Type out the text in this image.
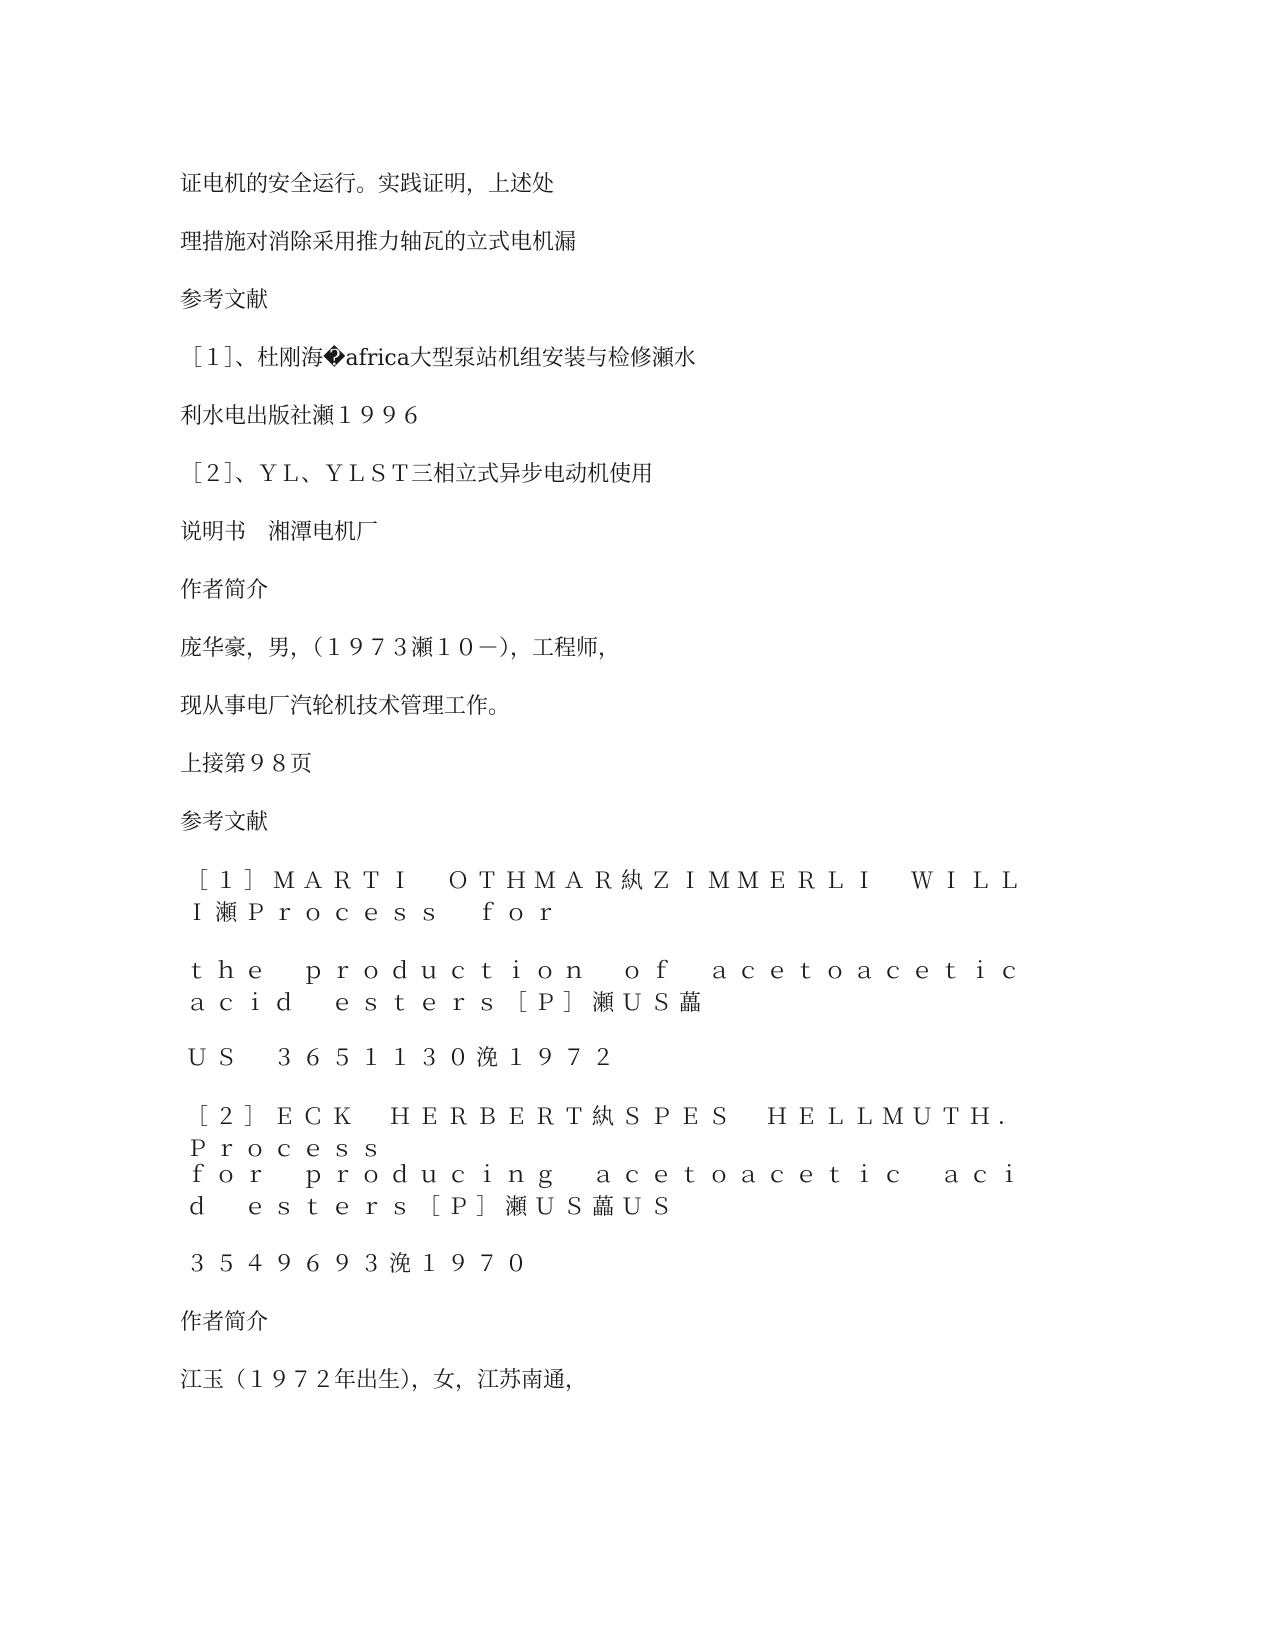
证电机的安全运行。实践证明，上述处

理措施对消除采用推力轴瓦的立式电机漏

参考文献

［１］、杜刚海�africa大型泵站机组安装与检修瀬水

利水电出版社瀬１９９６

［２］、ＹＬ、ＹＬＳＴ三相立式异步电动机使用

说明书　湘潭电机厂

作者简介

庞华豪，男，（１９７３瀬１０－），工程师，

现从事电厂汽轮机技术管理工作。

上接第９８页

参考文献

［１］ＭＡＲＴＩ　ＯＴＨＭＡＲ紈ＺＩＭＭＥＲＬＩ　ＷＩＬＬＩ瀬Ｐｒｏｃｅｓｓ　ｆｏｒ

ｔｈｅ　ｐｒｏｄｕｃｔｉｏｎ　ｏｆ　ａｃｅｔｏａｃｅｔｉｃ　ａｃｉｄ　ｅｓｔｅｒｓ［Ｐ］瀬ＵＳ藟

ＵＳ　３６５１１３０浼１９７２

［２］ＥＣＫ　ＨＥＲＢＥＲＴ紈ＳＰＥＳ　ＨＥＬＬＭＵＴＨ．Ｐｒｏｃｅｓｓ

ｆｏｒ　ｐｒｏｄｕｃｉｎｇ　ａｃｅｔｏａｃｅｔｉｃ　ａｃｉｄ　ｅｓｔｅｒｓ［Ｐ］瀬ＵＳ藟ＵＳ

３５４９６９３浼１９７０

作者简介

江玉（１９７２年出生），女，江苏南通，
